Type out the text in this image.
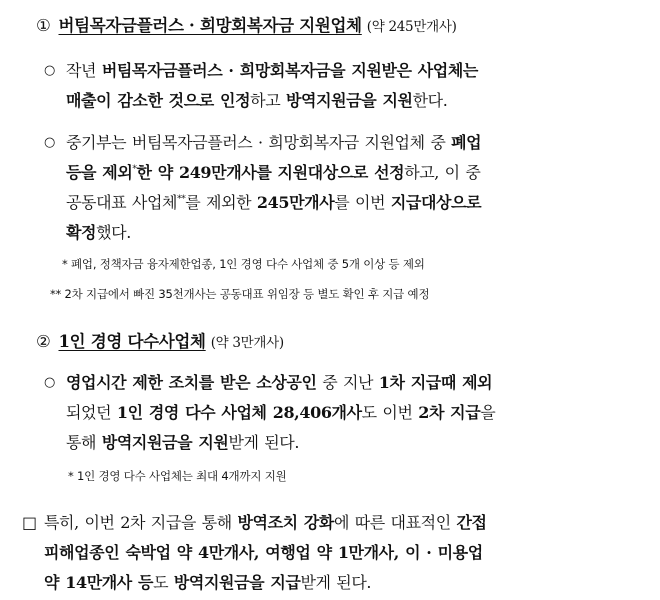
① 버팀목자금플러스 · 희망회복자금 지원업체 (약 245만개사)
○ 작년 버팀목자금플러스 · 희망회복자금을 지원받은 사업체는
매출이 감소한 것으로 인정하고 방역지원금을 지원한다.
○ 중기부는 버팀목자금플러스 · 희망회복자금 지원업체 중 폐업
등을 제외*한 약 249만개사를 지원대상으로 선정하고, 이 중
공동대표 사업체**를 제외한 245만개사를 이번 지급대상으로
확정했다.
* 폐업, 정책자금 융자제한업종, 1인 경영 다수 사업체 중 5개 이상 등 제외
** 2차 지급에서 빠진 35천개사는 공동대표 위임장 등 별도 확인 후 지급 예정
② 1인 경영 다수사업체 (약 3만개사)
○ 영업시간 제한 조치를 받은 소상공인 중 지난 1차 지급때 제외
되었던 1인 경영 다수 사업체 28,406개사도 이번 2차 지급을
통해 방역지원금을 지원받게 된다.
* 1인 경영 다수 사업체는 최대 4개까지 지원
□ 특히, 이번 2차 지급을 통해 방역조치 강화에 따른 대표적인 간접
피해업종인 숙박업 약 4만개사, 여행업 약 1만개사, 이 · 미용업
약 14만개사 등도 방역지원금을 지급받게 된다.
